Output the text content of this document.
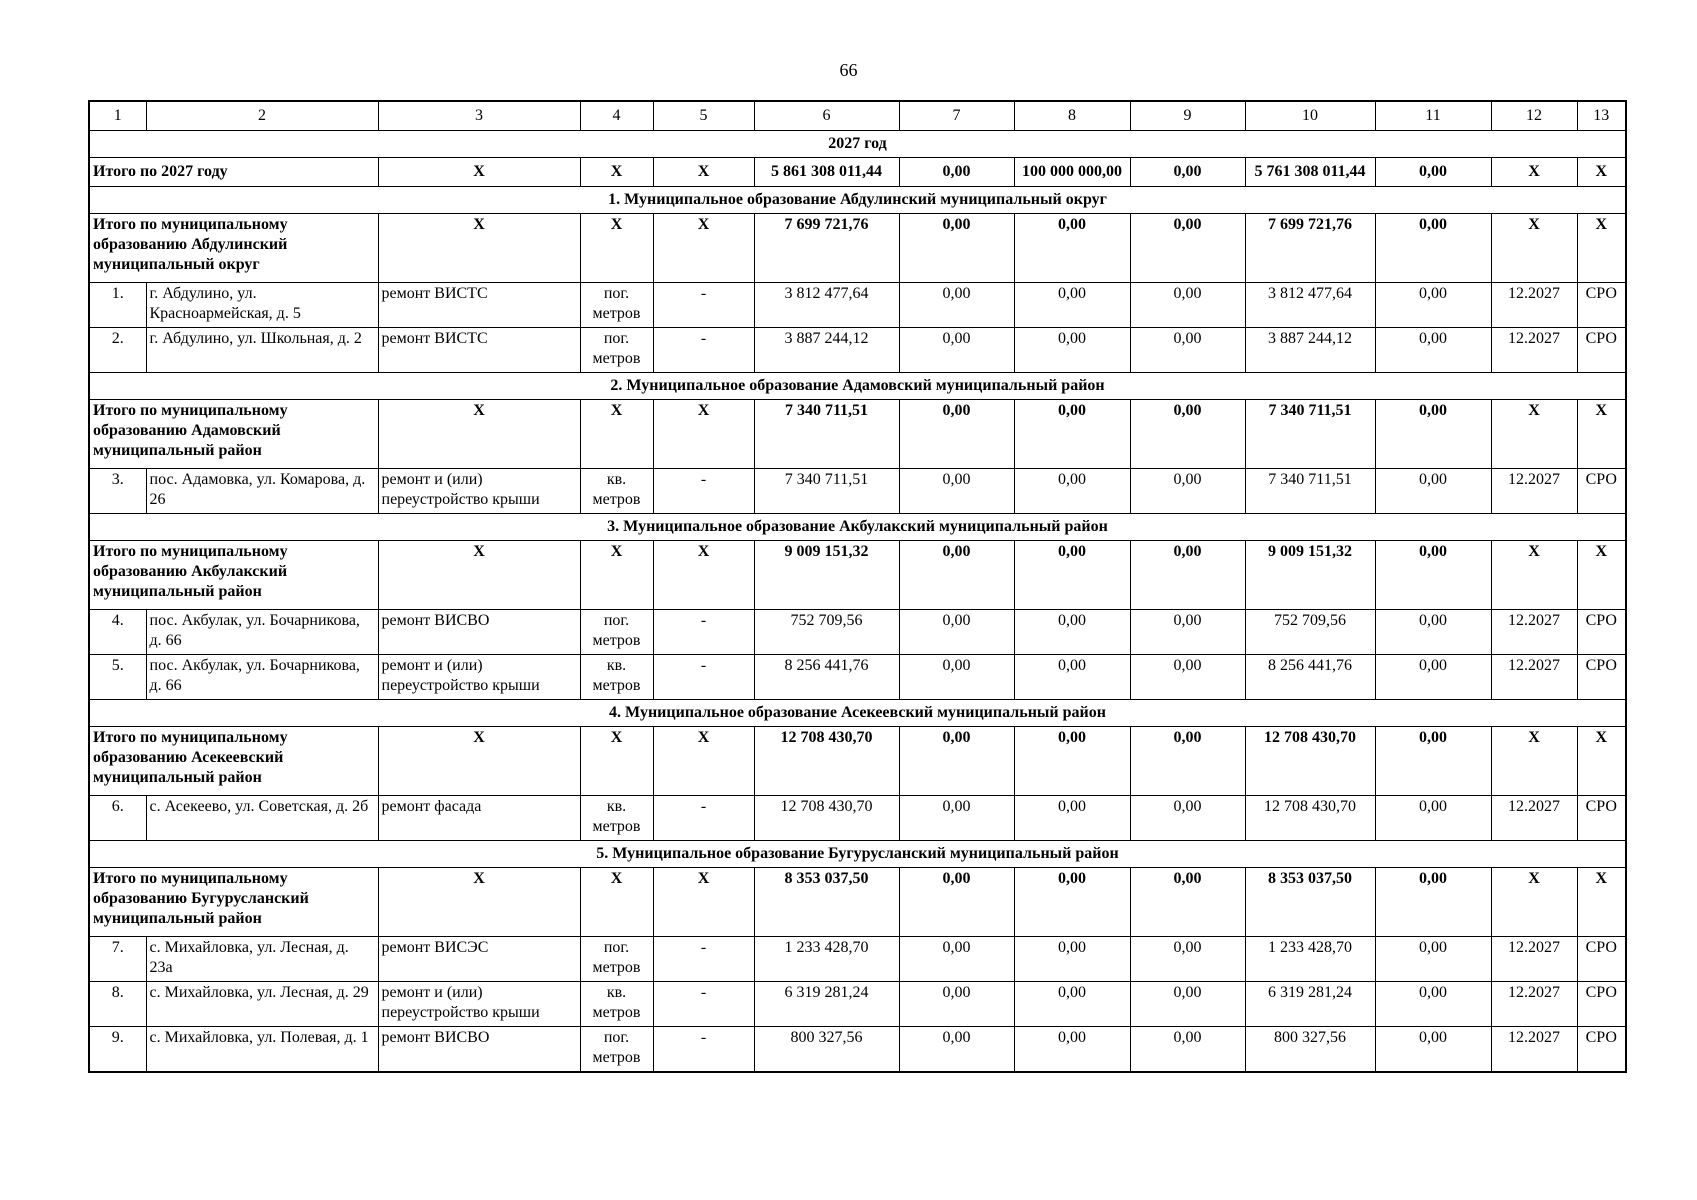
66
1	2	3	4	5	6	7	8	9	10	11	12	13
2027 год												
Итого по 2027 году		Х	Х	Х	5 861 308 011,44	0,00	100 000 000,00	0,00	5 761 308 011,44	0,00	Х	Х
1. Муниципальное образование Абдулинский муниципальный округ												
Итого по муниципальному образованию Абдулинский муниципальный округ		Х	Х	Х	7 699 721,76	0,00	0,00	0,00	7 699 721,76	0,00	Х	Х
1.	г. Абдулино, ул. Красноармейская, д. 5	ремонт ВИСТС	пог. метров	-	3 812 477,64	0,00	0,00	0,00	3 812 477,64	0,00	12.2027	СРО
2.	г. Абдулино, ул. Школьная, д. 2	ремонт ВИСТС	пог. метров	-	3 887 244,12	0,00	0,00	0,00	3 887 244,12	0,00	12.2027	СРО
2. Муниципальное образование Адамовский муниципальный район												
Итого по муниципальному образованию Адамовский муниципальный район		Х	Х	Х	7 340 711,51	0,00	0,00	0,00	7 340 711,51	0,00	Х	Х
3.	пос. Адамовка, ул. Комарова, д. 26	ремонт и (или) переустройство крыши	кв. метров	-	7 340 711,51	0,00	0,00	0,00	7 340 711,51	0,00	12.2027	СРО
3. Муниципальное образование Акбулакский муниципальный район												
Итого по муниципальному образованию Акбулакский муниципальный район		Х	Х	Х	9 009 151,32	0,00	0,00	0,00	9 009 151,32	0,00	Х	Х
4.	пос. Акбулак, ул. Бочарникова, д. 66	ремонт ВИСВО	пог. метров	-	752 709,56	0,00	0,00	0,00	752 709,56	0,00	12.2027	СРО
5.	пос. Акбулак, ул. Бочарникова, д. 66	ремонт и (или) переустройство крыши	кв. метров	-	8 256 441,76	0,00	0,00	0,00	8 256 441,76	0,00	12.2027	СРО
4. Муниципальное образование Асекеевский муниципальный район												
Итого по муниципальному образованию Асекеевский муниципальный район		Х	Х	Х	12 708 430,70	0,00	0,00	0,00	12 708 430,70	0,00	Х	Х
6.	с. Асекеево, ул. Советская, д. 2б	ремонт фасада	кв. метров	-	12 708 430,70	0,00	0,00	0,00	12 708 430,70	0,00	12.2027	СРО
5. Муниципальное образование Бугурусланский муниципальный район												
Итого по муниципальному образованию Бугурусланский муниципальный район		Х	Х	Х	8 353 037,50	0,00	0,00	0,00	8 353 037,50	0,00	Х	Х
7.	с. Михайловка, ул. Лесная, д. 23а	ремонт ВИСЭС	пог. метров	-	1 233 428,70	0,00	0,00	0,00	1 233 428,70	0,00	12.2027	СРО
8.	с. Михайловка, ул. Лесная, д. 29	ремонт и (или) переустройство крыши	кв. метров	-	6 319 281,24	0,00	0,00	0,00	6 319 281,24	0,00	12.2027	СРО
9.	с. Михайловка, ул. Полевая, д. 1	ремонт ВИСВО	пог. метров	-	800 327,56	0,00	0,00	0,00	800 327,56	0,00	12.2027	СРО
